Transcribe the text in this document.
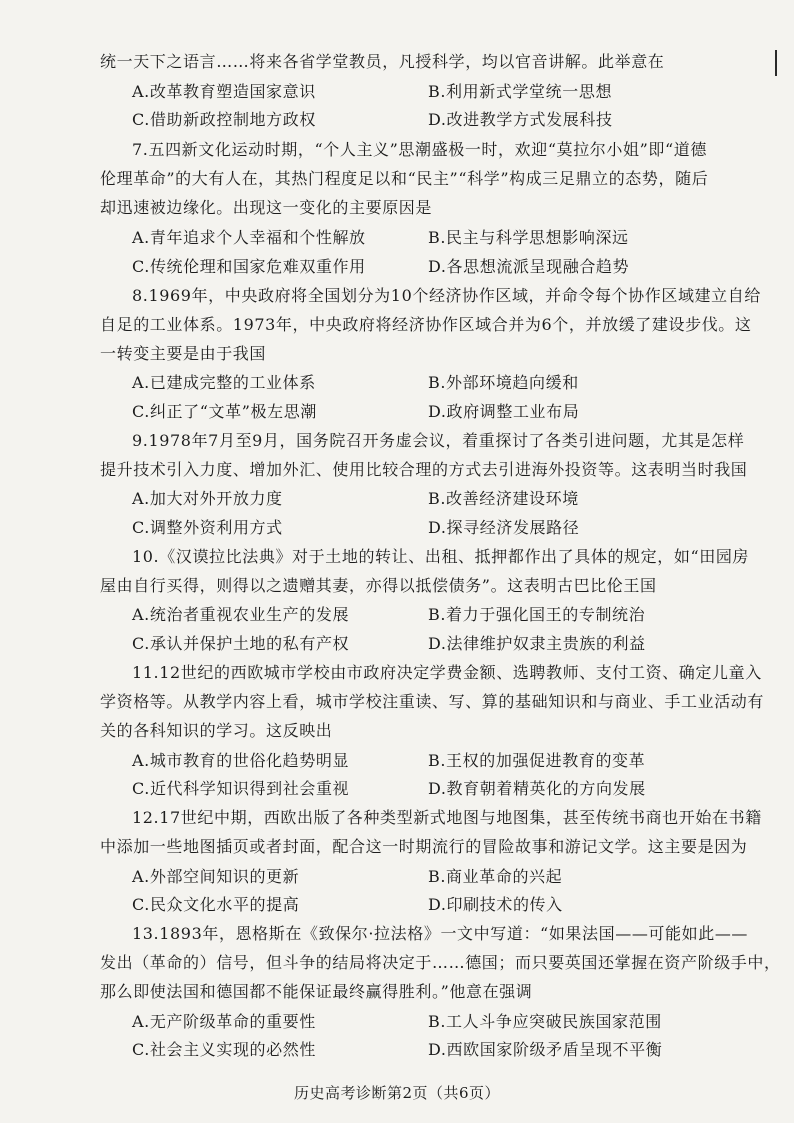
统一天下之语言……将来各省学堂教员，凡授科学，均以官音讲解。此举意在
A.改革教育塑造国家意识	B.利用新式学堂统一思想
C.借助新政控制地方政权	D.改进教学方式发展科技
7.五四新文化运动时期，“个人主义”思潮盛极一时，欢迎“莫拉尔小姐”即“道德
伦理革命”的大有人在，其热门程度足以和“民主”“科学”构成三足鼎立的态势，随后
却迅速被边缘化。出现这一变化的主要原因是
A.青年追求个人幸福和个性解放	B.民主与科学思想影响深远
C.传统伦理和国家危难双重作用	D.各思想流派呈现融合趋势
8.1969年，中央政府将全国划分为10个经济协作区域，并命令每个协作区域建立自给
自足的工业体系。1973年，中央政府将经济协作区域合并为6个，并放缓了建设步伐。这
一转变主要是由于我国
A.已建成完整的工业体系	B.外部环境趋向缓和
C.纠正了“文革”极左思潮	D.政府调整工业布局
9.1978年7月至9月，国务院召开务虚会议，着重探讨了各类引进问题，尤其是怎样
提升技术引入力度、增加外汇、使用比较合理的方式去引进海外投资等。这表明当时我国
A.加大对外开放力度	B.改善经济建设环境
C.调整外资利用方式	D.探寻经济发展路径
10.《汉谟拉比法典》对于土地的转让、出租、抵押都作出了具体的规定，如“田园房
屋由自行买得，则得以之遗赠其妻，亦得以抵偿债务”。这表明古巴比伦王国
A.统治者重视农业生产的发展	B.着力于强化国王的专制统治
C.承认并保护土地的私有产权	D.法律维护奴隶主贵族的利益
11.12世纪的西欧城市学校由市政府决定学费金额、选聘教师、支付工资、确定儿童入
学资格等。从教学内容上看，城市学校注重读、写、算的基础知识和与商业、手工业活动有
关的各科知识的学习。这反映出
A.城市教育的世俗化趋势明显	B.王权的加强促进教育的变革
C.近代科学知识得到社会重视	D.教育朝着精英化的方向发展
12.17世纪中期，西欧出版了各种类型新式地图与地图集，甚至传统书商也开始在书籍
中添加一些地图插页或者封面，配合这一时期流行的冒险故事和游记文学。这主要是因为
A.外部空间知识的更新	B.商业革命的兴起
C.民众文化水平的提高	D.印刷技术的传入
13.1893年，恩格斯在《致保尔·拉法格》一文中写道：“如果法国——可能如此——
发出（革命的）信号，但斗争的结局将决定于……德国；而只要英国还掌握在资产阶级手中，
那么即使法国和德国都不能保证最终赢得胜利。”他意在强调
A.无产阶级革命的重要性	B.工人斗争应突破民族国家范围
C.社会主义实现的必然性	D.西欧国家阶级矛盾呈现不平衡
历史高考诊断第2页（共6页）
